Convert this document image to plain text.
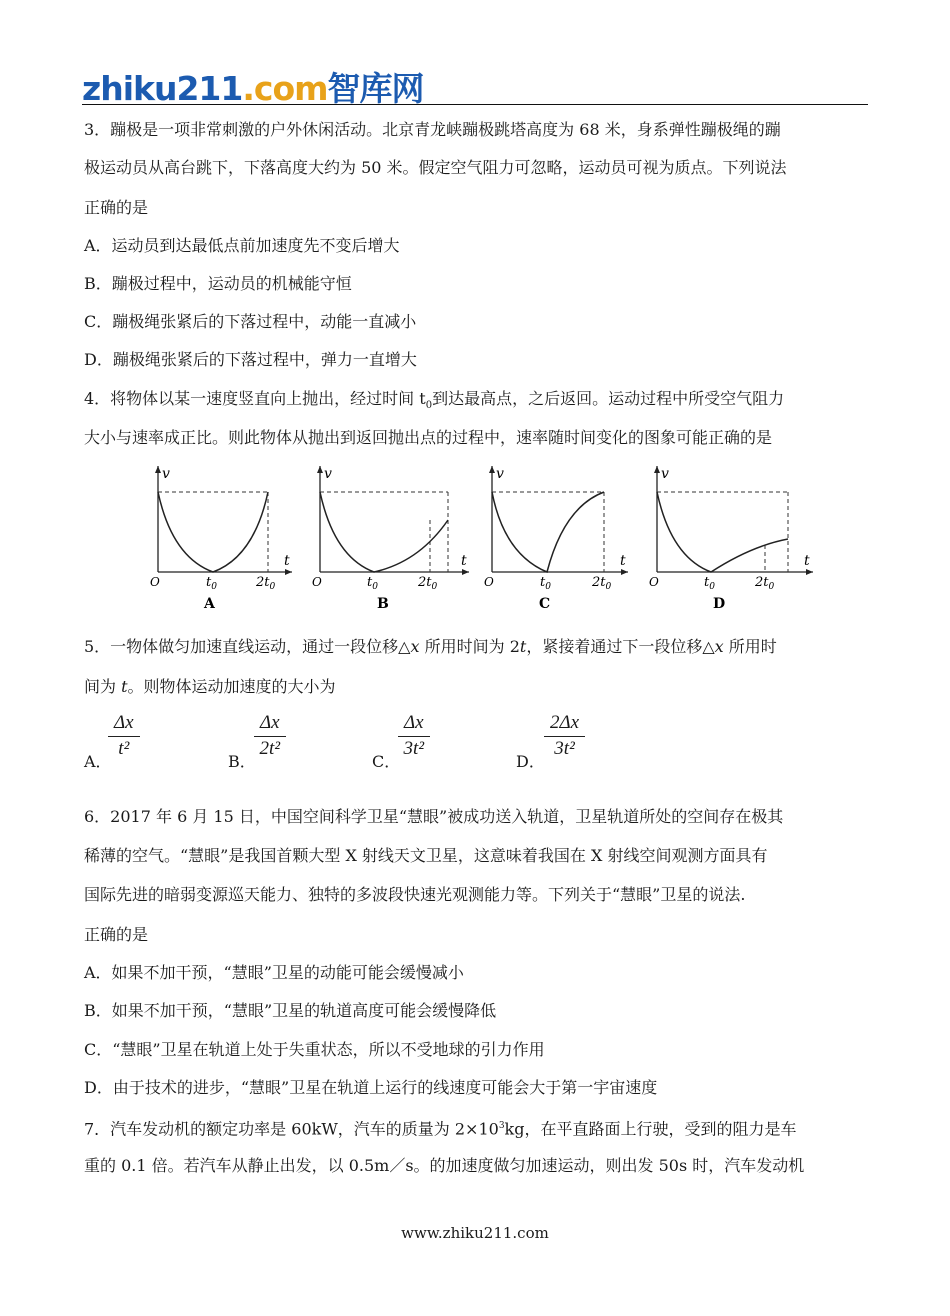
zhiku211.com智库网
3．蹦极是一项非常刺激的户外休闲活动。北京青龙峡蹦极跳塔高度为 68 米，身系弹性蹦极绳的蹦
极运动员从高台跳下，下落高度大约为 50 米。假定空气阻力可忽略，运动员可视为质点。下列说法
正确的是
A．运动员到达最低点前加速度先不变后增大
B．蹦极过程中，运动员的机械能守恒
C．蹦极绳张紧后的下落过程中，动能一直减小
D．蹦极绳张紧后的下落过程中，弹力一直增大
4．将物体以某一速度竖直向上抛出，经过时间 $t_0$到达最高点，之后返回。运动过程中所受空气阻力
大小与速率成正比。则此物体从抛出到返回抛出点的过程中，速率随时间变化的图象可能正确的是
v
t
O	$t_0$	$2t_0$
A
v
t
O	$t_0$	$2t_0$
B
v
t
O	$t_0$	$2t_0$
C
v
t
O	$t_0$	$2t_0$
D
5．一物体做匀加速直线运动，通过一段位移△x 所用时间为 2t，紧接着通过下一段位移△x 所用时
间为 t。则物体运动加速度的大小为
A．
$\frac{\Delta x}{\text{t²}}$
B．
$\frac{\Delta x}{\text{2t²}}$
C．
$\frac{\Delta x}{\text{3t²}}$
D．
$\frac{2\Delta x}{\text{3t²}}$
6．2017 年 6 月 15 日，中国空间科学卫星“慧眼”被成功送入轨道，卫星轨道所处的空间存在极其
稀薄的空气。“慧眼”是我国首颗大型 X 射线天文卫星，这意味着我国在 X 射线空间观测方面具有
国际先进的暗弱变源巡天能力、独特的多波段快速光观测能力等。下列关于“慧眼”卫星的说法.
正确的是
A．如果不加干预，“慧眼”卫星的动能可能会缓慢减小
B．如果不加干预，“慧眼”卫星的轨道高度可能会缓慢降低
C．“慧眼”卫星在轨道上处于失重状态，所以不受地球的引力作用
D．由于技术的进步，“慧眼”卫星在轨道上运行的线速度可能会大于第一宇宙速度
7．汽车发动机的额定功率是 60kW，汽车的质量为 $2\times 10^3kg$，在平直路面上行驶，受到的阻力是车
重的 0.1 倍。若汽车从静止出发，以 0.5m／s。的加速度做匀加速运动，则出发 50s 时，汽车发动机
www.zhiku211.com
